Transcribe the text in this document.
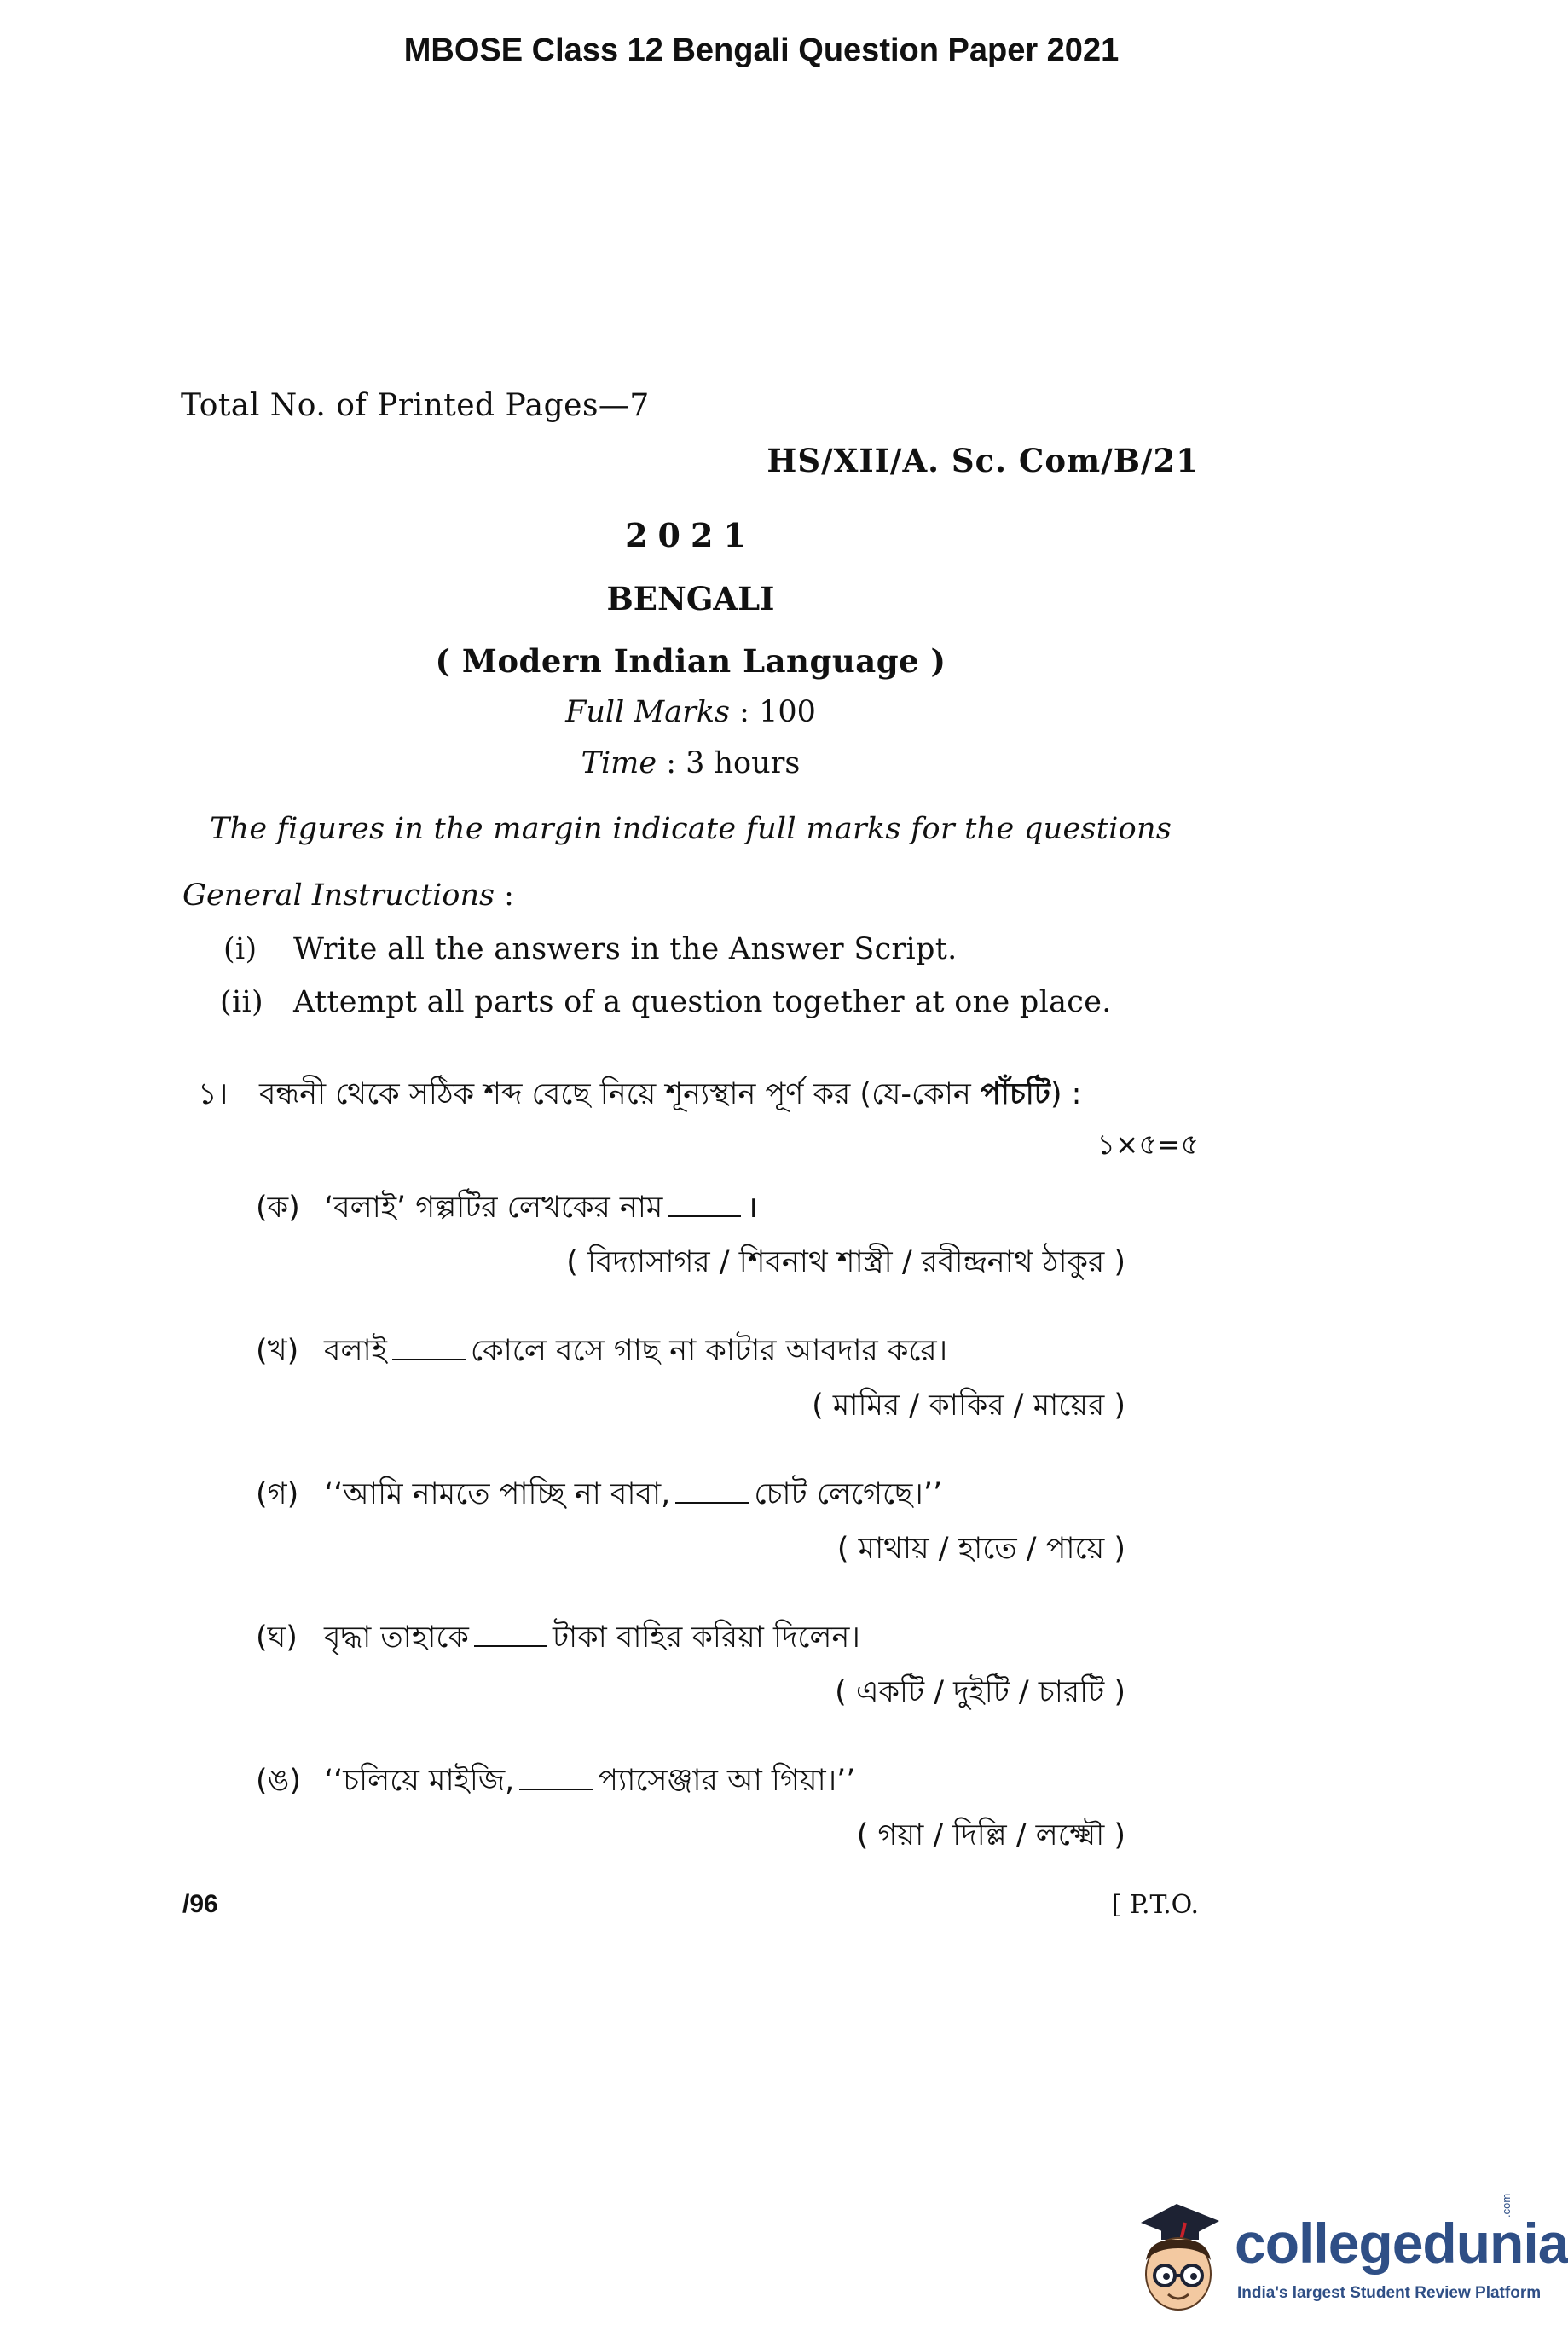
MBOSE Class 12 Bengali Question Paper 2021
Total No. of Printed Pages—7
HS/XII/A. Sc. Com/B/21
2021
BENGALI
( Modern Indian Language )
Full Marks : 100
Time : 3 hours
The figures in the margin indicate full marks for the questions
General Instructions :
(i) Write all the answers in the Answer Script.
(ii) Attempt all parts of a question together at one place.
১। বন্ধনী থেকে সঠিক শব্দ বেছে নিয়ে শূন্যস্থান পূর্ণ কর (যে-কোন পাঁচটি) :
১×৫=৫
(ক) ‘বলাই’ গল্পটির লেখকের নাম	।
( বিদ্যাসাগর / শিবনাথ শাস্ত্রী / রবীন্দ্রনাথ ঠাকুর )
(খ) বলাই	কোলে বসে গাছ না কাটার আবদার করে।
( মামির / কাকির / মায়ের )
(গ) ‘‘আমি নামতে পাচ্ছি না বাবা,	চোট লেগেছে।’’
( মাথায় / হাতে / পায়ে )
(ঘ) বৃদ্ধা তাহাকে	টাকা বাহির করিয়া দিলেন।
( একটি / দুইটি / চারটি )
(ঙ) ‘‘চলিয়ে মাইজি,	প্যাসেঞ্জার আ গিয়া।’’
( গয়া / দিল্লি / লক্ষ্মৌ )
/96	[ P.T.O.
collegedunia
.com
India's largest Student Review Platform
